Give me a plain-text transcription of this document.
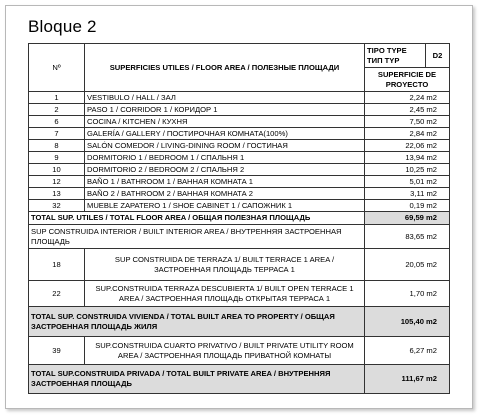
Bloque 2
Nº	SUPERFICIES UTILES / FLOOR AREA / ПОЛЕЗНЫЕ ПЛОЩАДИ	TIPO TYPE ТИП TYP	D2
		SUPERFICIE DE PROYECTO	
1	VESTIBULO / HALL / ЗАЛ	2,24 m2	
2	PASO 1 / CORRIDOR 1 / КОРИДОР 1	2,45 m2	
6	COCINA / KITCHEN / КУХНЯ	7,50 m2	
7	GALERÍA / GALLERY / ПОСТИРОЧНАЯ КОМНАТА(100%)	2,84 m2	
8	SALÓN COMEDOR / LIVING-DINING ROOM / ГОСТИНАЯ	22,06 m2	
9	DORMITORIO 1 / BEDROOM 1 / СПАЛЬНЯ 1	13,94 m2	
10	DORMITORIO 2 / BEDROOM 2 / СПАЛЬНЯ 2	10,25 m2	
12	BAÑO 1 / BATHROOM 1 / ВАННАЯ КОМНАТА 1	5,01 m2	
13	BAÑO 2 / BATHROOM 2 / ВАННАЯ КОМНАТА 2	3,11 m2	
32	MUEBLE ZAPATERO 1 / SHOE CABINET 1 / САПОЖНИК 1	0,19 m2	
TOTAL SUP. UTILES / TOTAL FLOOR AREA / ОБЩАЯ ПОЛЕЗНАЯ ПЛОЩАДЬ		69,59 m2	
SUP CONSTRUIDA INTERIOR / BUILT INTERIOR AREA / ВНУТРЕННЯЯ ЗАСТРОЕННАЯ ПЛОЩАДЬ		83,65 m2	
18	SUP CONSTRUIDA DE TERRAZA 1/ BUILT TERRACE 1 AREA / ЗАСТРОЕННАЯ ПЛОЩАДЬ ТЕРРАСА 1	20,05 m2	
22	SUP.CONSTRUIDA TERRAZA DESCUBIERTA 1/ BUILT OPEN TERRACE 1 AREA / ЗАСТРОЕННАЯ ПЛОЩАДЬ ОТКРЫТАЯ ТЕРРАСА 1	1,70 m2	
TOTAL SUP. CONSTRUIDA VIVIENDA / TOTAL BUILT AREA TO PROPERTY / ОБЩАЯ ЗАСТРОЕННАЯ ПЛОЩАДЬ ЖИЛЯ		105,40 m2	
39	SUP.CONSTRUIDA CUARTO PRIVATIVO / BUILT PRIVATE UTILITY ROOM AREA / ЗАСТРОЕННАЯ ПЛОЩАДЬ ПРИВАТНОЙ КОМНАТЫ	6,27 m2	
TOTAL SUP.CONSTRUIDA PRIVADA / TOTAL BUILT PRIVATE AREA / ВНУТРЕННЯЯ ЗАСТРОЕННАЯ ПЛОЩАДЬ		111,67 m2	
